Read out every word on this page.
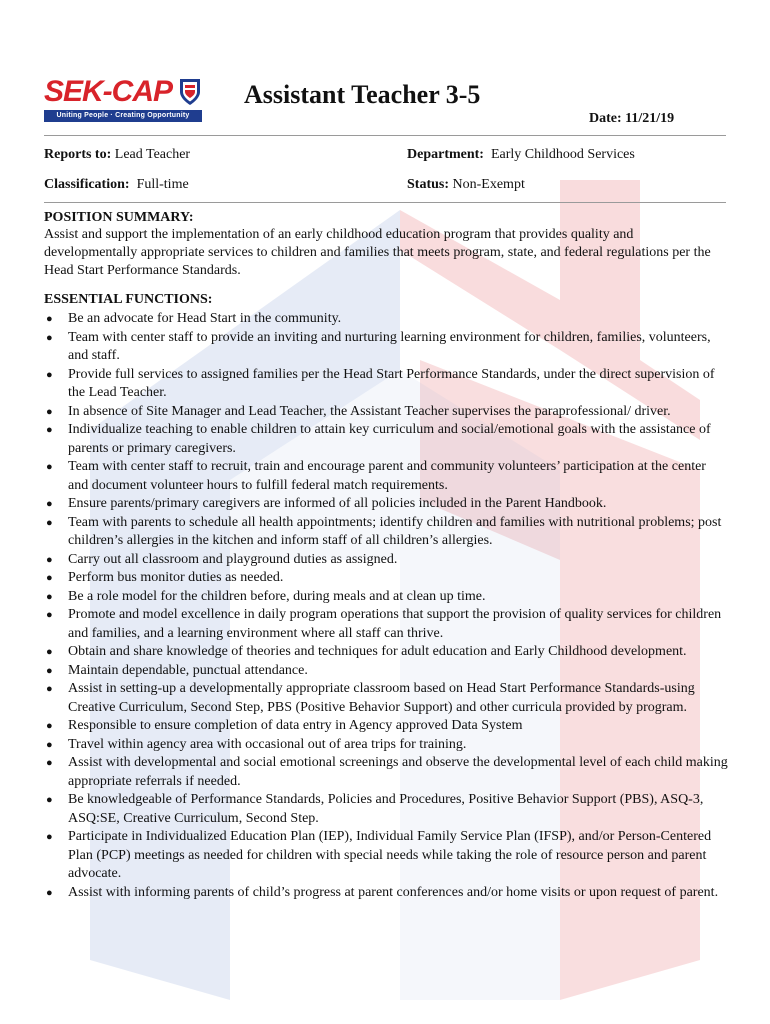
SEK-CAP
Uniting People · Creating Opportunity
Assistant Teacher 3-5
Date: 11/21/19
Reports to: Lead Teacher	Department: Early Childhood Services
Classification: Full-time	Status: Non-Exempt
POSITION SUMMARY:

Assist and support the implementation of an early childhood education program that provides quality and developmentally appropriate services to children and families that meets program, state, and federal regulations per the Head Start Performance Standards.

ESSENTIAL FUNCTIONS:
● Be an advocate for Head Start in the community.
● Team with center staff to provide an inviting and nurturing learning environment for children, families, volunteers, and staff.
● Provide full services to assigned families per the Head Start Performance Standards, under the direct supervision of the Lead Teacher.
● In absence of Site Manager and Lead Teacher, the Assistant Teacher supervises the paraprofessional/ driver.
● Individualize teaching to enable children to attain key curriculum and social/emotional goals with the assistance of parents or primary caregivers.
● Team with center staff to recruit, train and encourage parent and community volunteers’ participation at the center and document volunteer hours to fulfill federal match requirements.
● Ensure parents/primary caregivers are informed of all policies included in the Parent Handbook.
● Team with parents to schedule all health appointments; identify children and families with nutritional problems; post children’s allergies in the kitchen and inform staff of all children’s allergies.
● Carry out all classroom and playground duties as assigned.
● Perform bus monitor duties as needed.
● Be a role model for the children before, during meals and at clean up time.
● Promote and model excellence in daily program operations that support the provision of quality services for children and families, and a learning environment where all staff can thrive.
● Obtain and share knowledge of theories and techniques for adult education and Early Childhood development.
● Maintain dependable, punctual attendance.
● Assist in setting-up a developmentally appropriate classroom based on Head Start Performance Standards-using Creative Curriculum, Second Step, PBS (Positive Behavior Support) and other curricula provided by program.
● Responsible to ensure completion of data entry in Agency approved Data System
● Travel within agency area with occasional out of area trips for training.
● Assist with developmental and social emotional screenings and observe the developmental level of each child making appropriate referrals if needed.
● Be knowledgeable of Performance Standards, Policies and Procedures, Positive Behavior Support (PBS), ASQ-3, ASQ:SE, Creative Curriculum, Second Step.
● Participate in Individualized Education Plan (IEP), Individual Family Service Plan (IFSP), and/or Person-Centered Plan (PCP) meetings as needed for children with special needs while taking the role of resource person and parent advocate.
● Assist with informing parents of child’s progress at parent conferences and/or home visits or upon request of parent.
